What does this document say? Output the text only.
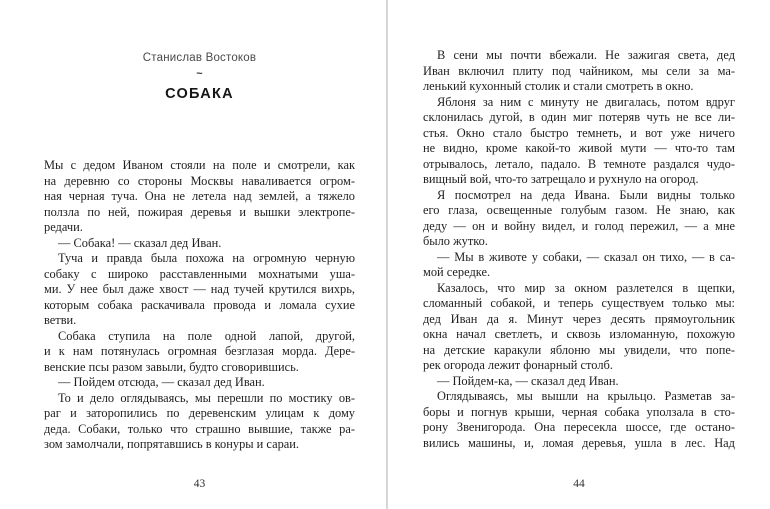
Станислав Востоков
~
СОБАКА
Мы с дедом Иваном стояли на поле и смотрели, как
на деревню со стороны Москвы наваливается огром-
ная черная туча. Она не летела над землей, а тяжело
ползла по ней, пожирая деревья и вышки электропе-
редачи.
— Собака! — сказал дед Иван.
Туча и правда была похожа на огромную черную
собаку с широко расставленными мохнатыми уша-
ми. У нее был даже хвост — над тучей крутился вихрь,
которым собака раскачивала провода и ломала сухие
ветви.
Собака ступила на поле одной лапой, другой,
и к нам потянулась огромная безглазая морда. Дере-
венские псы разом завыли, будто сговорившись.
— Пойдем отсюда, — сказал дед Иван.
То и дело оглядываясь, мы перешли по мостику ов-
раг и заторопились по деревенским улицам к дому
деда. Собаки, только что страшно вывшие, также ра-
зом замолчали, попрятавшись в конуры и сараи.
43
В сени мы почти вбежали. Не зажигая света, дед
Иван включил плиту под чайником, мы сели за ма-
ленький кухонный столик и стали смотреть в окно.
Яблоня за ним с минуту не двигалась, потом вдруг
склонилась дугой, в один миг потеряв чуть не все ли-
стья. Окно стало быстро темнеть, и вот уже ничего
не видно, кроме какой-то живой мути — что-то там
отрывалось, летало, падало. В темноте раздался чудо-
вищный вой, что-то затрещало и рухнуло на огород.
Я посмотрел на деда Ивана. Были видны только
его глаза, освещенные голубым газом. Не знаю, как
деду — он и войну видел, и голод пережил, — а мне
было жутко.
— Мы в животе у собаки, — сказал он тихо, — в са-
мой середке.
Казалось, что мир за окном разлетелся в щепки,
сломанный собакой, и теперь существуем только мы:
дед Иван да я. Минут через десять прямоугольник
окна начал светлеть, и сквозь изломанную, похожую
на детские каракули яблоню мы увидели, что попе-
рек огорода лежит фонарный столб.
— Пойдем-ка, — сказал дед Иван.
Оглядываясь, мы вышли на крыльцо. Разметав за-
боры и погнув крыши, черная собака уползала в сто-
рону Звенигорода. Она пересекла шоссе, где остано-
вились машины, и, ломая деревья, ушла в лес. Над
44
